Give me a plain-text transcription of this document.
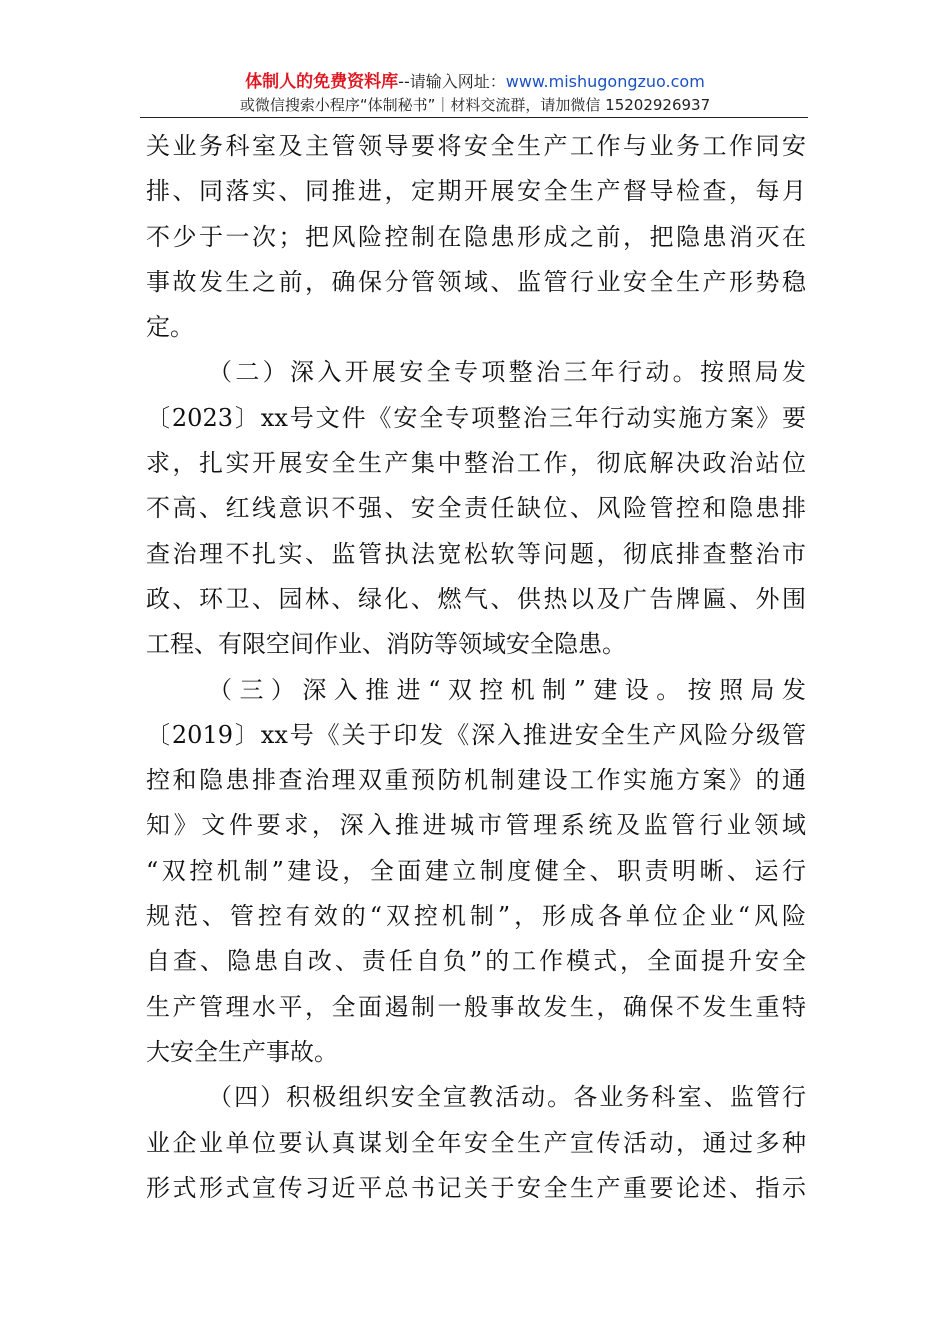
体制人的免费资料库--请输入网址：www.mishugongzuo.com
或微信搜索小程序“体制秘书”｜材料交流群，请加微信 15202926937
关业务科室及主管领导要将安全生产工作与业务工作同安
排、同落实、同推进，定期开展安全生产督导检查，每月
不少于一次；把风险控制在隐患形成之前，把隐患消灭在
事故发生之前，确保分管领域、监管行业安全生产形势稳
定。
（二）深入开展安全专项整治三年行动。按照局发
〔2023〕xx号文件《安全专项整治三年行动实施方案》要
求，扎实开展安全生产集中整治工作，彻底解决政治站位
不高、红线意识不强、安全责任缺位、风险管控和隐患排
查治理不扎实、监管执法宽松软等问题，彻底排查整治市
政、环卫、园林、绿化、燃气、供热以及广告牌匾、外围
工程、有限空间作业、消防等领域安全隐患。
（三）深入推进“双控机制”建设。按照局发
〔2019〕xx号《关于印发《深入推进安全生产风险分级管
控和隐患排查治理双重预防机制建设工作实施方案》的通
知》文件要求，深入推进城市管理系统及监管行业领域
“双控机制”建设，全面建立制度健全、职责明晰、运行
规范、管控有效的“双控机制”，形成各单位企业“风险
自查、隐患自改、责任自负”的工作模式，全面提升安全
生产管理水平，全面遏制一般事故发生，确保不发生重特
大安全生产事故。
（四）积极组织安全宣教活动。各业务科室、监管行
业企业单位要认真谋划全年安全生产宣传活动，通过多种
形式形式宣传习近平总书记关于安全生产重要论述、指示
